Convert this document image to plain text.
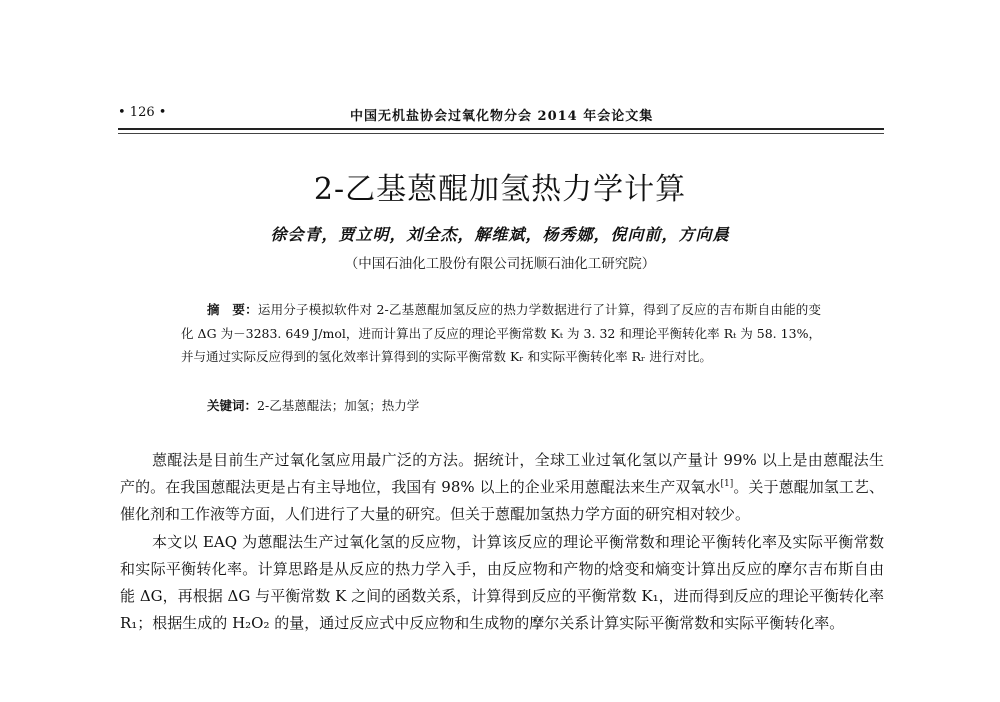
• 126 •	中国无机盐协会过氧化物分会 2014 年会论文集
2-乙基蒽醌加氢热力学计算
徐会青，贾立明，刘全杰，解维斌，杨秀娜，倪向前，方向晨
（中国石油化工股份有限公司抚顺石油化工研究院）

摘　要：运用分子模拟软件对 2-乙基蒽醌加氢反应的热力学数据进行了计算，得到了反应的吉布斯自由能的变化 ΔG 为－3283. 649 J/mol，进而计算出了反应的理论平衡常数 Kₜ 为 3. 32 和理论平衡转化率 Rₜ 为 58. 13%，并与通过实际反应得到的氢化效率计算得到的实际平衡常数 Kᵣ 和实际平衡转化率 Rᵣ 进行对比。

关键词：2-乙基蒽醌法；加氢；热力学

蒽醌法是目前生产过氧化氢应用最广泛的方法。据统计，全球工业过氧化氢以产量计 99% 以上是由蒽醌法生产的。在我国蒽醌法更是占有主导地位，我国有 98% 以上的企业采用蒽醌法来生产双氧水[1]。关于蒽醌加氢工艺、催化剂和工作液等方面，人们进行了大量的研究。但关于蒽醌加氢热力学方面的研究相对较少。

本文以 EAQ 为蒽醌法生产过氧化氢的反应物，计算该反应的理论平衡常数和理论平衡转化率及实际平衡常数和实际平衡转化率。计算思路是从反应的热力学入手，由反应物和产物的焓变和熵变计算出反应的摩尔吉布斯自由能 ΔG，再根据 ΔG 与平衡常数 K 之间的函数关系，计算得到反应的平衡常数 K₁，进而得到反应的理论平衡转化率 R₁；根据生成的 H₂O₂ 的量，通过反应式中反应物和生成物的摩尔关系计算实际平衡常数和实际平衡转化率。
